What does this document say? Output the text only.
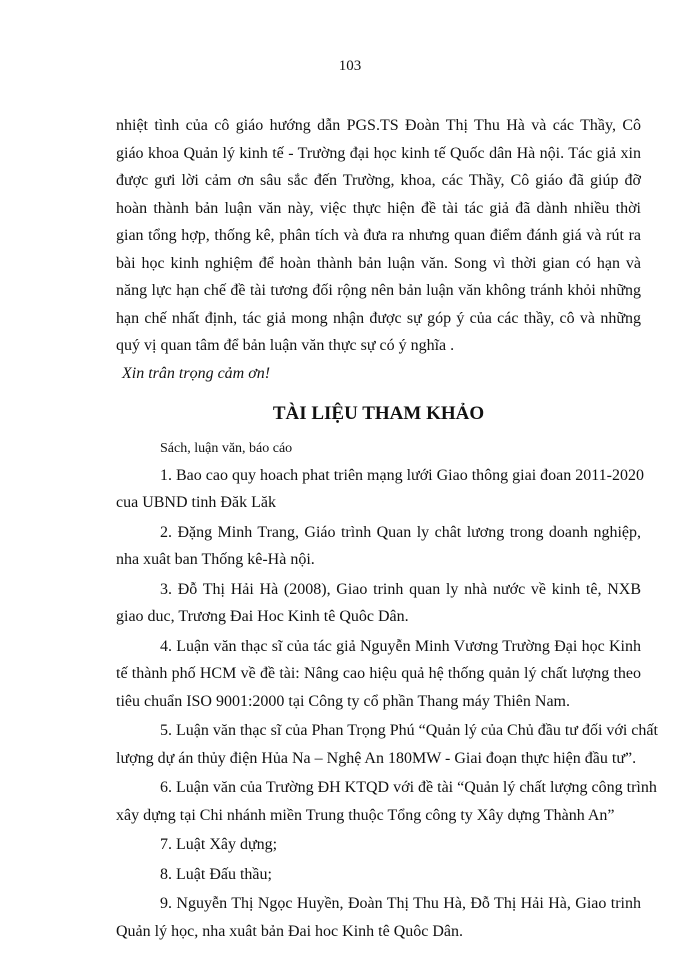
103
nhiệt tình của cô giáo hướng dẫn PGS.TS Đoàn Thị Thu Hà và các Thầy, Cô
giáo khoa Quản lý kinh tế - Trường đại học kinh tế Quốc dân Hà nội. Tác giả xin
được gưi lời cảm ơn sâu sắc đến Trường, khoa, các Thầy, Cô giáo đã giúp đỡ
hoàn thành bản luận văn này, việc thực hiện đề tài tác giả đã dành nhiều thời
gian tổng hợp, thống kê, phân tích và đưa ra nhưng quan điểm đánh giá và rút ra
bài học kinh nghiệm để hoàn thành bản luận văn. Song vì thời gian có hạn và
năng lực hạn chế đề tài tương đối rộng nên bản luận văn không tránh khỏi những
hạn chế nhất định, tác giả mong nhận được sự góp ý của các thầy, cô và những
quý vị quan tâm để bản luận văn thực sự có ý nghĩa .
Xin trân trọng cảm ơn!
TÀI LIỆU THAM KHẢO
Sách, luận văn, báo cáo
1. Bao cao quy hoach phat triên mạng lưới Giao thông giai đoan 2011-2020
cua UBND tinh Đăk Lăk
2. Đặng Minh Trang, Giáo trình Quan ly chât lương trong doanh nghiệp,
nha xuât ban Thống kê-Hà nội.
3. Đỗ Thị Hải Hà (2008), Giao trinh quan ly nhà nước về kinh tê, NXB
giao duc, Trương Đai Hoc Kinh tê Quôc Dân.
4. Luận văn thạc sĩ của tác giả Nguyễn Minh Vương Trường Đại học Kinh
tế thành phố HCM về đề tài: Nâng cao hiệu quả hệ thống quản lý chất lượng theo
tiêu chuẩn ISO 9001:2000 tại Công ty cổ phần Thang máy Thiên Nam.
5. Luận văn thạc sĩ của Phan Trọng Phú “Quản lý của Chủ đầu tư đối với chất
lượng dự án thủy điện Hủa Na – Nghệ An 180MW - Giai đoạn thực hiện đầu tư”.
6. Luận văn của Trường ĐH KTQD với đề tài “Quản lý chất lượng công trình
xây dựng tại Chi nhánh miền Trung thuộc Tổng công ty Xây dựng Thành An”
7. Luật Xây dựng;
8. Luật Đấu thầu;
9. Nguyễn Thị Ngọc Huyền, Đoàn Thị Thu Hà, Đỗ Thị Hải Hà, Giao trinh
Quản lý học, nha xuât bản Đai hoc Kinh tê Quôc Dân.
